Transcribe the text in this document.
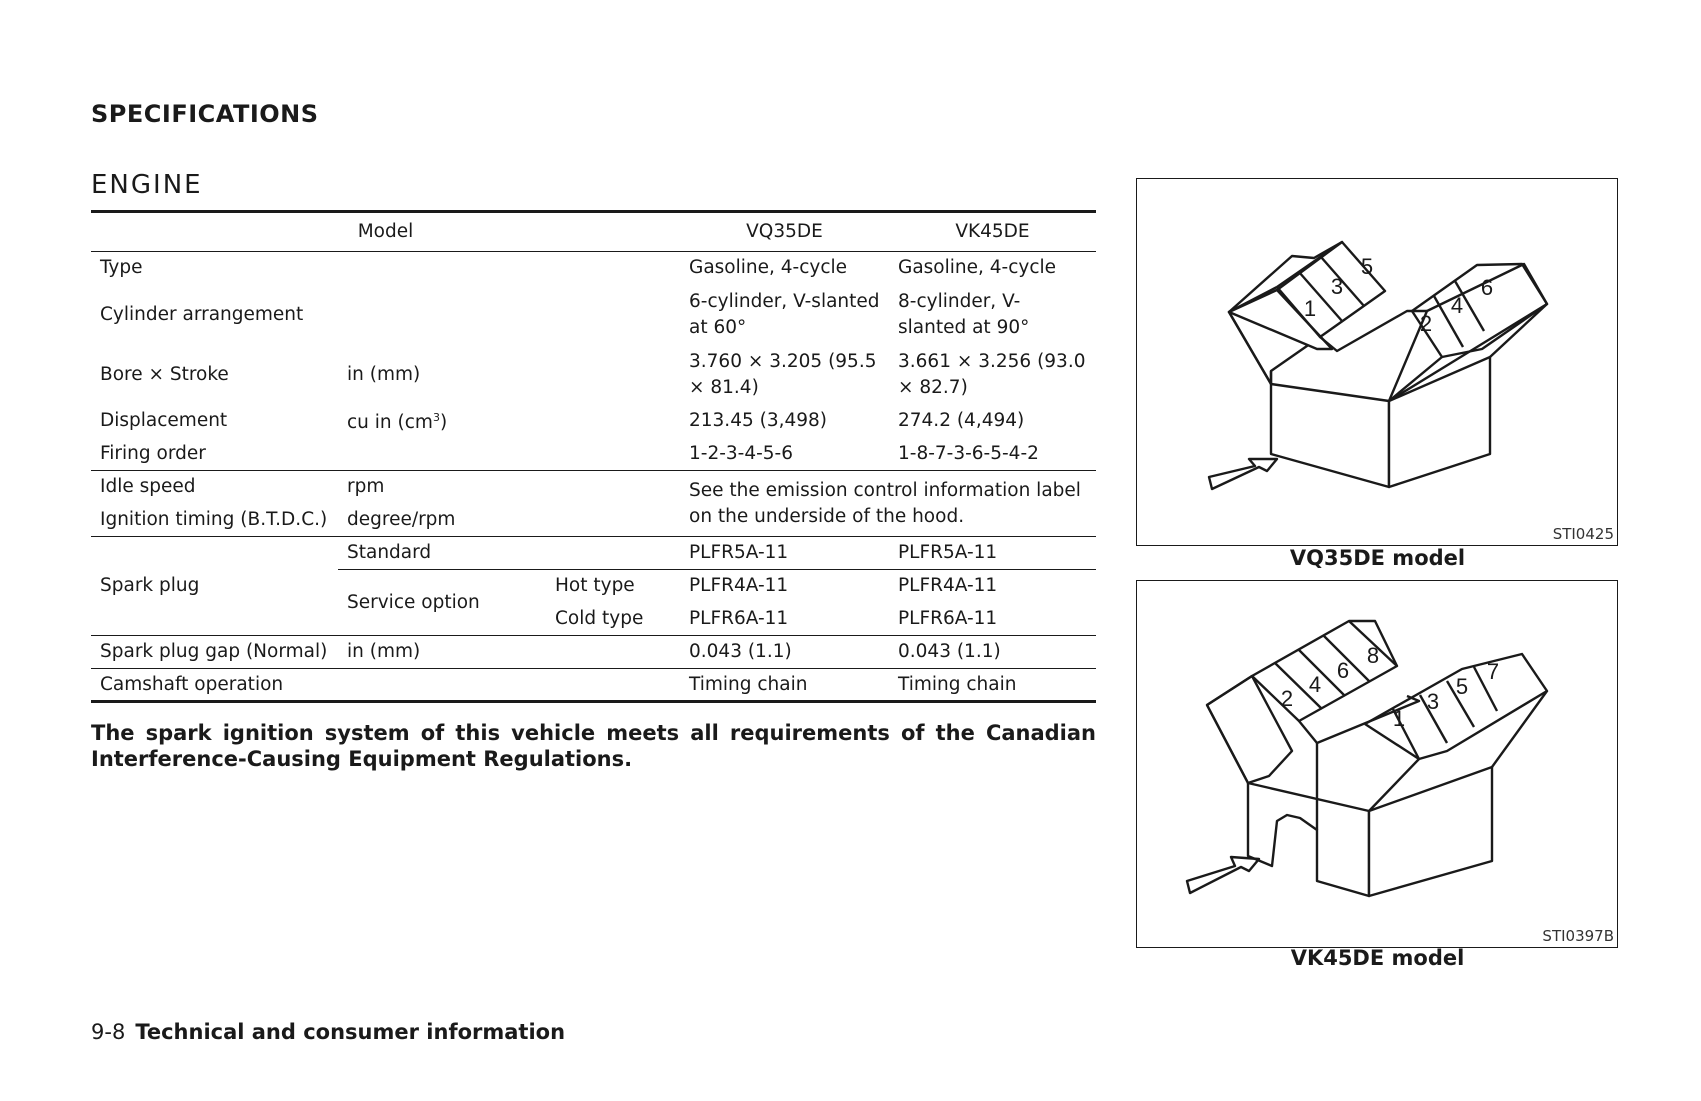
SPECIFICATIONS
ENGINE
Model			VQ35DE	VK45DE
Type			Gasoline, 4-cycle	Gasoline, 4-cycle
Cylinder arrangement			6-cylinder, V-slanted at 60°	8-cylinder, V-slanted at 90°
Bore × Stroke	in (mm)		3.760 × 3.205 (95.5 × 81.4)	3.661 × 3.256 (93.0 × 82.7)
Displacement	cu in $(cm^3)$		213.45 (3,498)	274.2 (4,494)
Firing order			1-2-3-4-5-6	1-8-7-3-6-5-4-2
Idle speed	rpm		See the emission control information label on the underside of the hood.	
Ignition timing (B.T.D.C.)	degree/rpm			
Spark plug	Standard		PLFR5A-11	PLFR5A-11
	Service option	Hot type	PLFR4A-11	PLFR4A-11
		Cold type	PLFR6A-11	PLFR6A-11
Spark plug gap (Normal)	in (mm)		0.043 (1.1)	0.043 (1.1)
Camshaft operation			Timing chain	Timing chain
The spark ignition system of this vehicle meets all requirements of the Canadian Interference-Causing Equipment Regulations.
1
3
5
2
4
6
STI0425
VQ35DE model
2
4
6
8
1
3
5
7
STI0397B
VK45DE model
9-8 Technical and consumer information
